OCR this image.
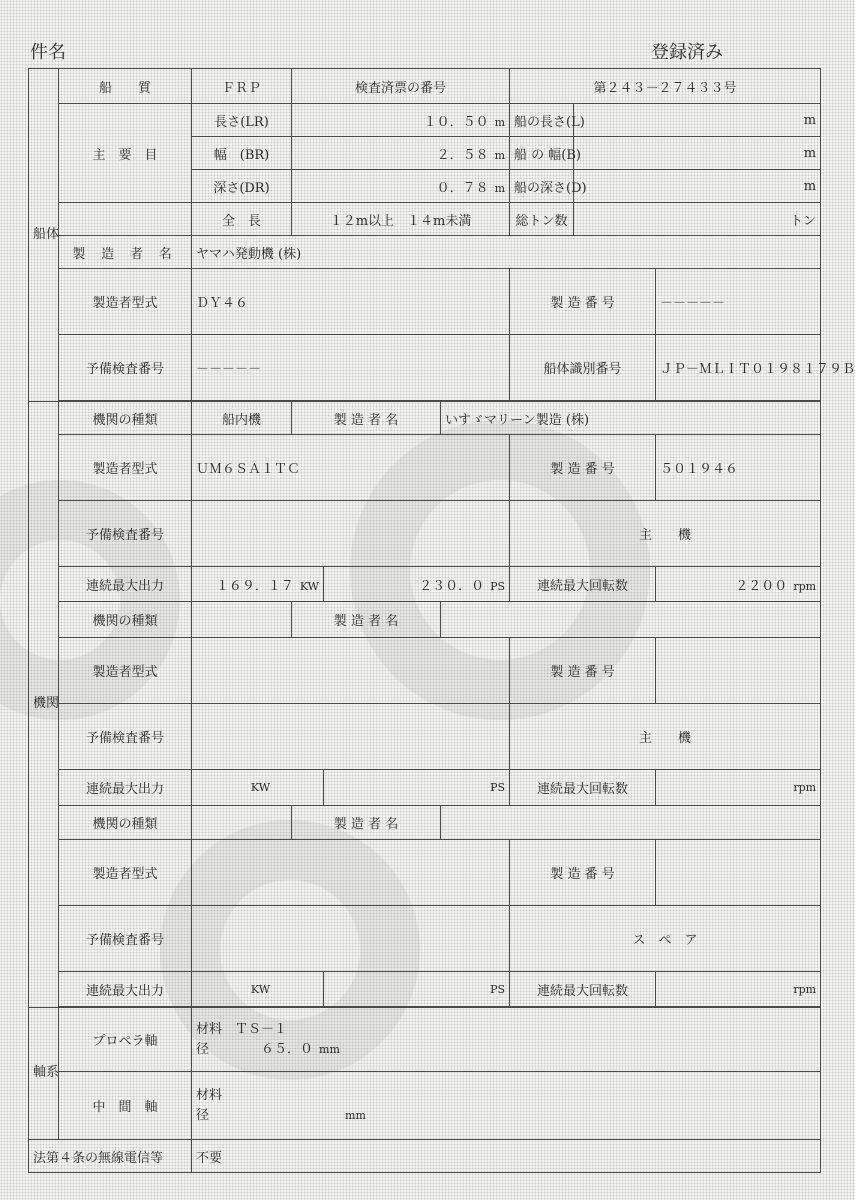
件名	登録済み
船体	船　　質	ＦＲＰ	検査済票の番号			第２４３－２７４３３号		
	主　要　目	長さ(LR)	１０．５０ m			船の長さ(L)	m	
		幅　(BR)	２．５８ m			船 の 幅(B)	m	
		深さ(DR)	０．７８ m			船の深さ(D)	m	
		全　長	１２m以上　１４m未満			総トン数	トン	
	製 造 者 名	ヤマハ発動機 (株)						
	製造者型式	ＤＹ４６				製 造 番 号		－－－－－
	予備検査番号	－－－－－				船体識別番号		ＪＰ－ＭＬＩＴ０１９８１７９Ｂ

機関	機関の種類	船内機	製 造 者 名		いすゞマリーン製造 (株)			
	製造者型式	ＵＭ６ＳＡ１ＴＣ				製 造 番 号		５０１９４６
	予備検査番号					主　　機		
	連続最大出力	１６９．１７ KW		２３０．０ PS		連続最大回転数		２２００ rpm
	機関の種類		製 造 者 名					
	製造者型式					製 造 番 号		
	予備検査番号					主　　機		
	連続最大出力	KW		PS		連続最大回転数		rpm
	機関の種類		製 造 者 名					
	製造者型式					製 造 番 号		
	予備検査番号					ス　ペ　ア		
	連続最大出力	KW		PS		連続最大回転数		rpm

軸系	プロペラ軸	材料　 ＴＳ－１
径　　　　 ６５．０ mm						

	中　間　軸	材料　
径　　　　　　　　　　 mm						

法第４条の無線電信等		不要						
